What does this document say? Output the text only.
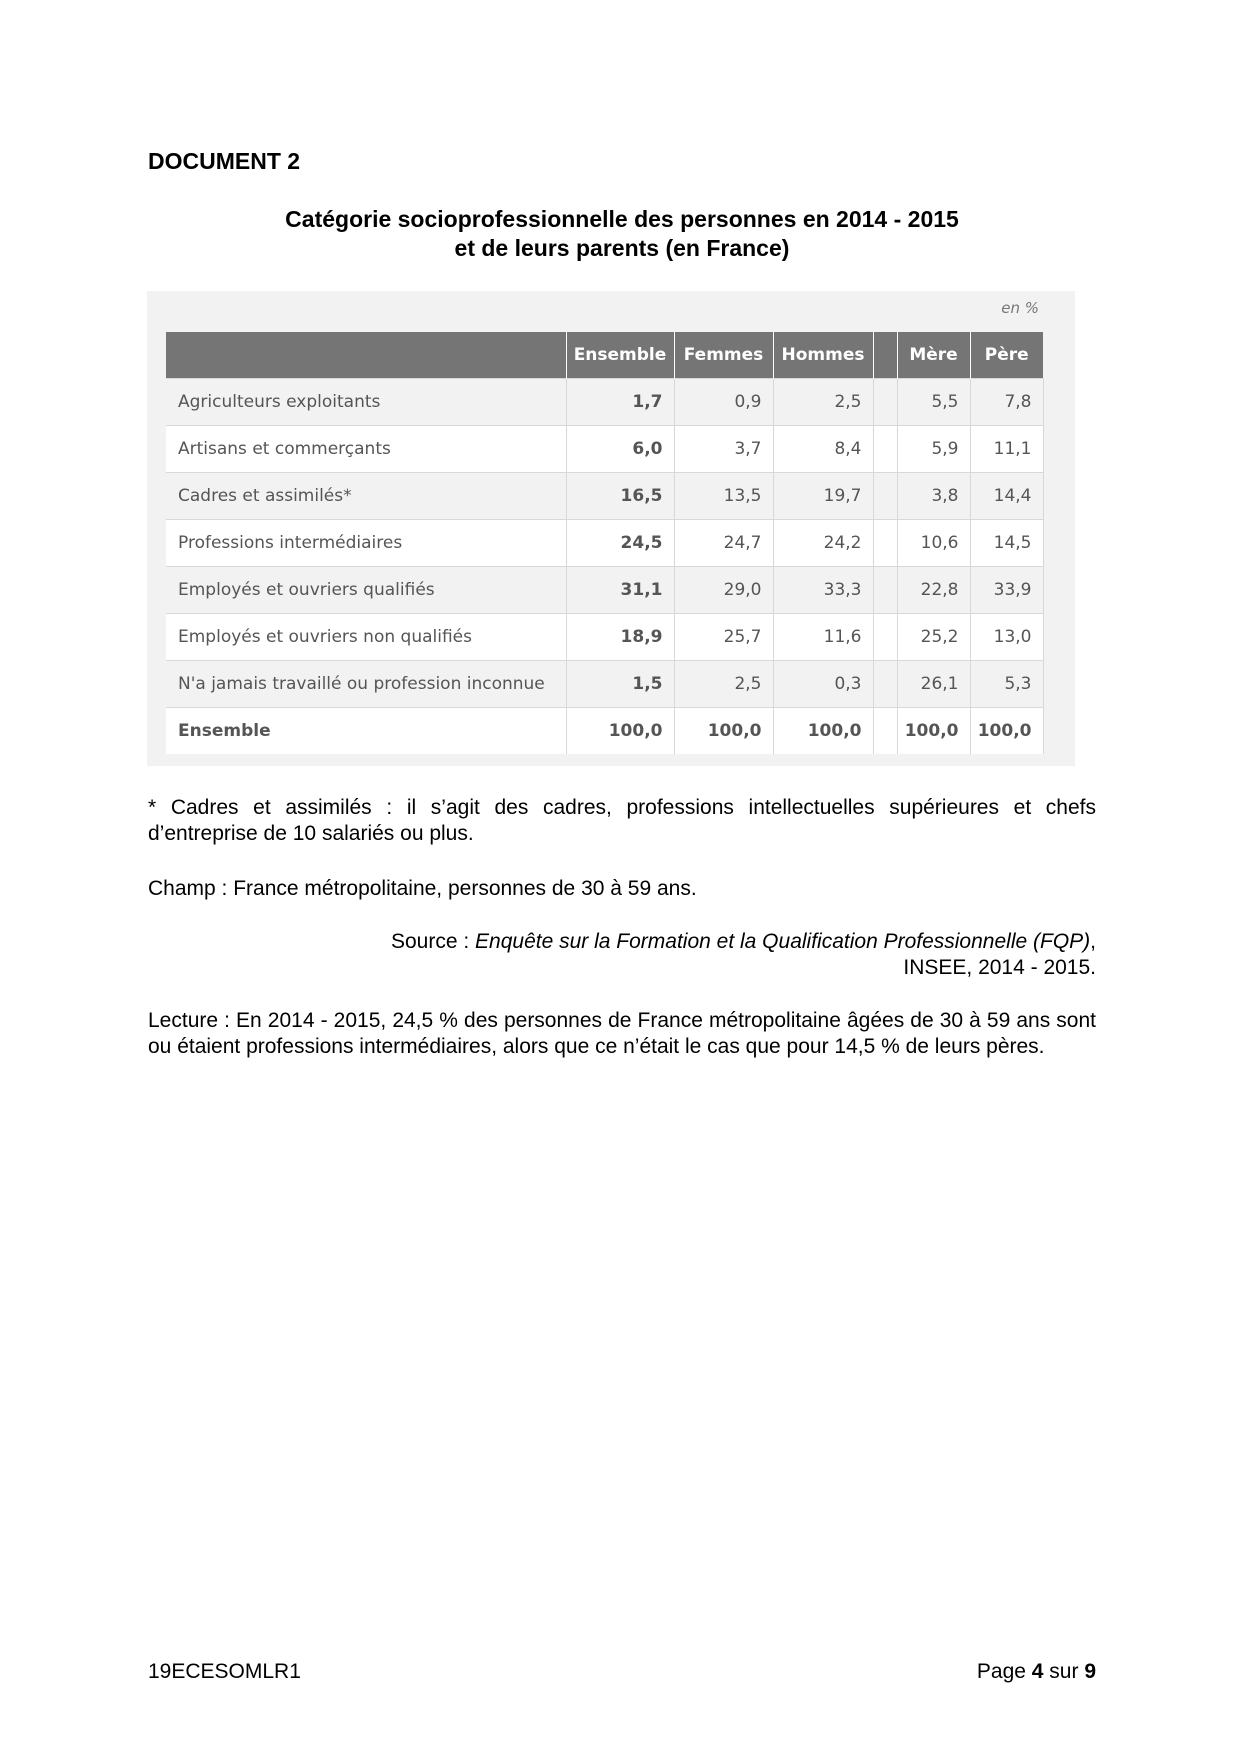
DOCUMENT 2
Catégorie socioprofessionnelle des personnes en 2014 - 2015
et de leurs parents (en France)
en %
	Ensemble	Femmes	Hommes		Mère	Père
Agriculteurs exploitants	1,7	0,9	2,5		5,5	7,8
Artisans et commerçants	6,0	3,7	8,4		5,9	11,1
Cadres et assimilés*	16,5	13,5	19,7		3,8	14,4
Professions intermédiaires	24,5	24,7	24,2		10,6	14,5
Employés et ouvriers qualifiés	31,1	29,0	33,3		22,8	33,9
Employés et ouvriers non qualifiés	18,9	25,7	11,6		25,2	13,0
N'a jamais travaillé ou profession inconnue	1,5	2,5	0,3		26,1	5,3
Ensemble	100,0	100,0	100,0		100,0	100,0
* Cadres et assimilés : il s’agit des cadres, professions intellectuelles supérieures et chefs d’entreprise de 10 salariés ou plus.
Champ : France métropolitaine, personnes de 30 à 59 ans.
Source : Enquête sur la Formation et la Qualification Professionnelle (FQP),
INSEE, 2014 - 2015.
Lecture : En 2014 - 2015, 24,5 % des personnes de France métropolitaine âgées de 30 à 59 ans sont ou étaient professions intermédiaires, alors que ce n’était le cas que pour 14,5 % de leurs pères.
19ECESOMLR1	Page 4 sur 9
